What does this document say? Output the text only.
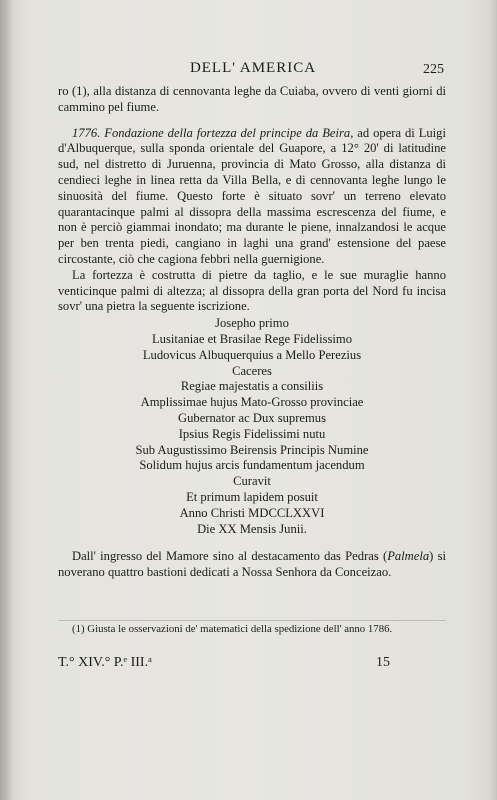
DELL' AMERICA	225

ro (1), alla distanza di cennovanta leghe da Cuiaba, ovvero di venti giorni di cammino pel fiume.

1776. Fondazione della fortezza del principe da Beira, ad opera di Luigi d'Albuquerque, sulla sponda orientale del Guapore, a 12° 20' di latitudine sud, nel distretto di Juruenna, provincia di Mato Grosso, alla distanza di cendieci leghe in linea retta da Villa Bella, e di cennovanta leghe lungo le sinuosità del fiume. Questo forte è situato sovr' un terreno elevato quarantacinque palmi al dissopra della massima escrescenza del fiume, e non è perciò giammai inondato; ma durante le piene, innalzandosi le acque per ben trenta piedi, cangiano in laghi una grand' estensione del paese circostante, ciò che cagiona febbri nella guernigione.

La fortezza è costrutta di pietre da taglio, e le sue muraglie hanno venticinque palmi di altezza; al dissopra della gran porta del Nord fu incisa sovr' una pietra la seguente iscrizione.

Josepho primo
Lusitaniae et Brasilae Rege Fidelissimo
Ludovicus Albuquerquius a Mello Perezius
Caceres
Regiae majestatis a consiliis
Amplissimae hujus Mato-Grosso provinciae
Gubernator ac Dux supremus
Ipsius Regis Fidelissimi nutu
Sub Augustissimo Beirensis Principis Numine
Solidum hujus arcis fundamentum jacendum
Curavit
Et primum lapidem posuit
Anno Christi MDCCLXXVI
Die XX Mensis Junii.

Dall' ingresso del Mamore sino al destacamento das Pedras (Palmela) si noverano quattro bastioni dedicati a Nossa Senhora da Conceizao.

(1) Giusta le osservazioni de' matematici della spedizione dell' anno 1786.

T.° XIV.° P.ᵉ III.ᵃ	15
